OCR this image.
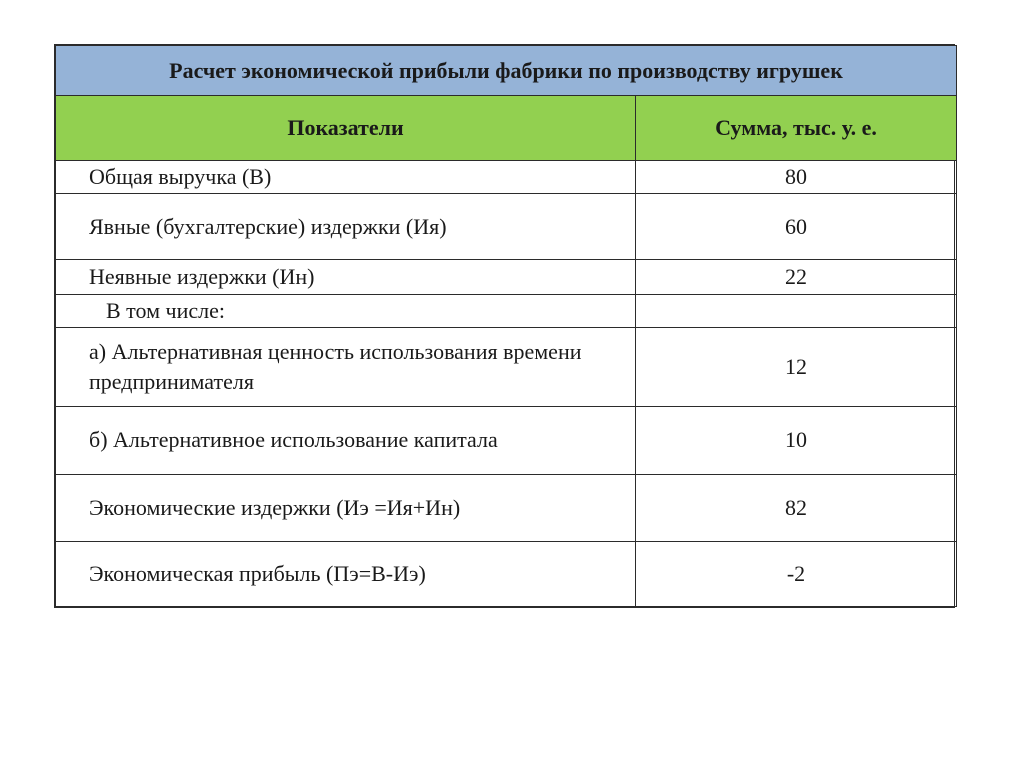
Расчет экономической прибыли фабрики по производству игрушек	
Показатели	Сумма, тыс. у. е.
Общая выручка (В)	80
Явные (бухгалтерские) издержки (Ия)	60
Неявные издержки (Ин)	22
В том числе:	
а) Альтернативная ценность использования времени предпринимателя	12
б) Альтернативное использование капитала	10
Экономические издержки (Иэ =Ия+Ин)	82
Экономическая прибыль (Пэ=В-Иэ)	-2
